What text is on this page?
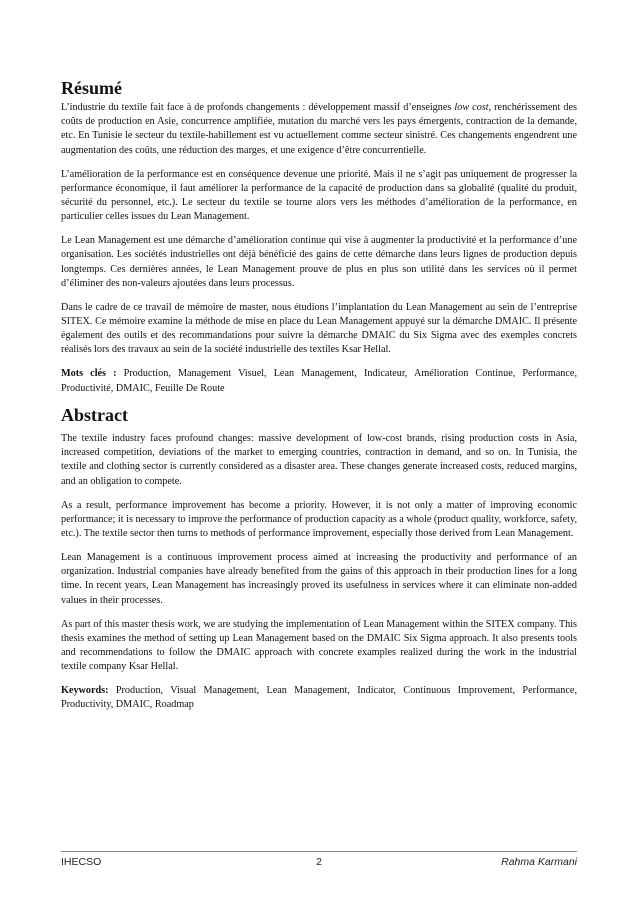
Résumé

L’industrie du textile fait face à de profonds changements : développement massif d’enseignes low cost, renchérissement des coûts de production en Asie, concurrence amplifiée, mutation du marché vers les pays émergents, contraction de la demande, etc. En Tunisie le secteur du textile-habillement est vu actuellement comme secteur sinistré. Ces changements engendrent une augmentation des coûts, une réduction des marges, et une exigence d’être concurrentielle.

L’amélioration de la performance est en conséquence devenue une priorité. Mais il ne s’agit pas uniquement de progresser la performance économique, il faut améliorer la performance de la capacité de production dans sa globalité (qualité du produit, sécurité du personnel, etc.). Le secteur du textile se tourne alors vers les méthodes d’amélioration de la performance, en particulier celles issues du Lean Management.

Le Lean Management est une démarche d’amélioration continue qui vise à augmenter la productivité et la performance d’une organisation. Les sociétés industrielles ont déjà bénéficié des gains de cette démarche dans leurs lignes de production depuis longtemps. Ces dernières années, le Lean Management prouve de plus en plus son utilité dans les services où il permet d’éliminer des non-valeurs ajoutées dans leurs processus.

Dans le cadre de ce travail de mémoire de master, nous étudions l’implantation du Lean Management au sein de l’entreprise SITEX. Ce mémoire examine la méthode de mise en place du Lean Management appuyé sur la démarche DMAIC. Il présente également des outils et des recommandations pour suivre la démarche DMAIC du Six Sigma avec des exemples concrets réalisés lors des travaux au sein de la société industrielle des textiles Ksar Hellal.

Mots clés : Production, Management Visuel, Lean Management, Indicateur, Amélioration Continue, Performance, Productivité, DMAIC, Feuille De Route

Abstract

The textile industry faces profound changes: massive development of low-cost brands, rising production costs in Asia, increased competition, deviations of the market to emerging countries, contraction in demand, and so on. In Tunisia, the textile and clothing sector is currently considered as a disaster area. These changes generate increased costs, reduced margins, and an obligation to compete.

As a result, performance improvement has become a priority. However, it is not only a matter of improving economic performance; it is necessary to improve the performance of production capacity as a whole (product quality, workforce, safety, etc.). The textile sector then turns to methods of performance improvement, especially those derived from Lean Management.

Lean Management is a continuous improvement process aimed at increasing the productivity and performance of an organization. Industrial companies have already benefited from the gains of this approach in their production lines for a long time. In recent years, Lean Management has increasingly proved its usefulness in services where it can eliminate non-added values in their processes.

As part of this master thesis work, we are studying the implementation of Lean Management within the SITEX company. This thesis examines the method of setting up Lean Management based on the DMAIC Six Sigma approach. It also presents tools and recommendations to follow the DMAIC approach with concrete examples realized during the work in the industrial textile company Ksar Hellal.

Keywords: Production, Visual Management, Lean Management, Indicator, Continuous Improvement, Performance, Productivity, DMAIC, Roadmap

IHECSO	2	Rahma Karmani
